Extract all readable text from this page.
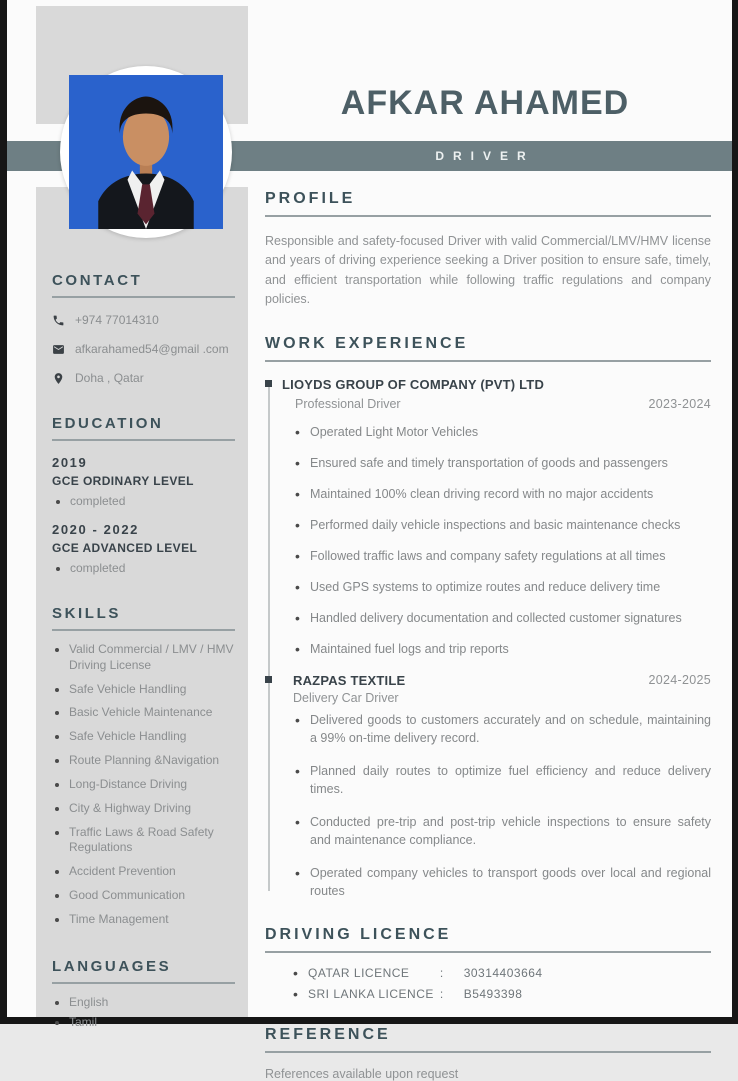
AFKAR AHAMED
DRIVER
CONTACT
+974 77014310
afkarahamed54@gmail .com
Doha , Qatar
EDUCATION
2019
GCE ORDINARY LEVEL
• completed
2020 - 2022
GCE ADVANCED LEVEL
• completed
SKILLS
• Valid Commercial / LMV / HMV Driving License
• Safe Vehicle Handling
• Basic Vehicle Maintenance
• Safe Vehicle Handling
• Route Planning &Navigation
• Long-Distance Driving
• City & Highway Driving
• Traffic Laws & Road Safety Regulations
• Accident Prevention
• Good Communication
• Time Management
LANGUAGES
• English
• Tamil
PROFILE

Responsible and safety-focused Driver with valid Commercial/LMV/HMV license and years of driving experience seeking a Driver position to ensure safe, timely, and efficient transportation while following traffic regulations and company policies.

WORK EXPERIENCE
LIOYDS GROUP OF COMPANY (PVT) LTD
Professional Driver	2023-2024
• Operated Light Motor Vehicles
• Ensured safe and timely transportation of goods and passengers
• Maintained 100% clean driving record with no major accidents
• Performed daily vehicle inspections and basic maintenance checks
• Followed traffic laws and company safety regulations at all times
• Used GPS systems to optimize routes and reduce delivery time
• Handled delivery documentation and collected customer signatures
• Maintained fuel logs and trip reports
RAZPAS TEXTILE	2024-2025
Delivery Car Driver
• Delivered goods to customers accurately and on schedule, maintaining a 99% on-time delivery record.
• Planned daily routes to optimize fuel efficiency and reduce delivery times.
• Conducted pre-trip and post-trip vehicle inspections to ensure safety and maintenance compliance.
• Operated company vehicles to transport goods over local and regional routes
DRIVING LICENCE
• QATAR LICENCE	: 30314403664
• SRI LANKA LICENCE : B5493398
REFERENCE

References available upon request
